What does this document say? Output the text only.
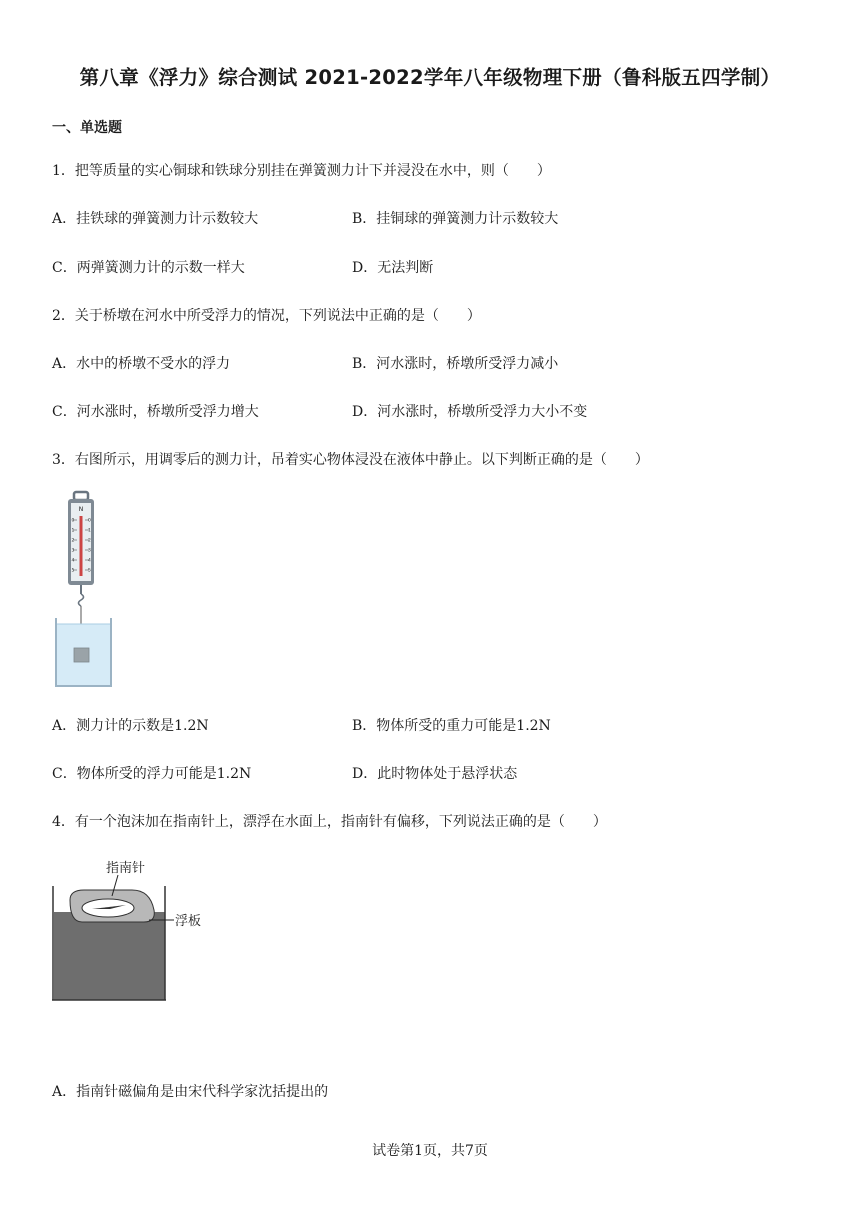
第八章《浮力》综合测试 2021-2022学年八年级物理下册（鲁科版五四学制）
一、单选题
1．把等质量的实心铜球和铁球分别挂在弹簧测力计下并浸没在水中，则（　　）
A．挂铁球的弹簧测力计示数较大	B．挂铜球的弹簧测力计示数较大
C．两弹簧测力计的示数一样大	D．无法判断
2．关于桥墩在河水中所受浮力的情况，下列说法中正确的是（　　）
A．水中的桥墩不受水的浮力	B．河水涨时，桥墩所受浮力减小
C．河水涨时，桥墩所受浮力增大	D．河水涨时，桥墩所受浮力大小不变
3．右图所示，用调零后的测力计，吊着实心物体浸没在液体中静止。以下判断正确的是（　　）
N
0
1
2
3
4
5
0
1
2
3
4
5
A．测力计的示数是1.2N	B．物体所受的重力可能是1.2N
C．物体所受的浮力可能是1.2N	D．此时物体处于悬浮状态
4．有一个泡沫加在指南针上，漂浮在水面上，指南针有偏移，下列说法正确的是（　　）
指南针
浮板
A．指南针磁偏角是由宋代科学家沈括提出的
试卷第1页，共7页
